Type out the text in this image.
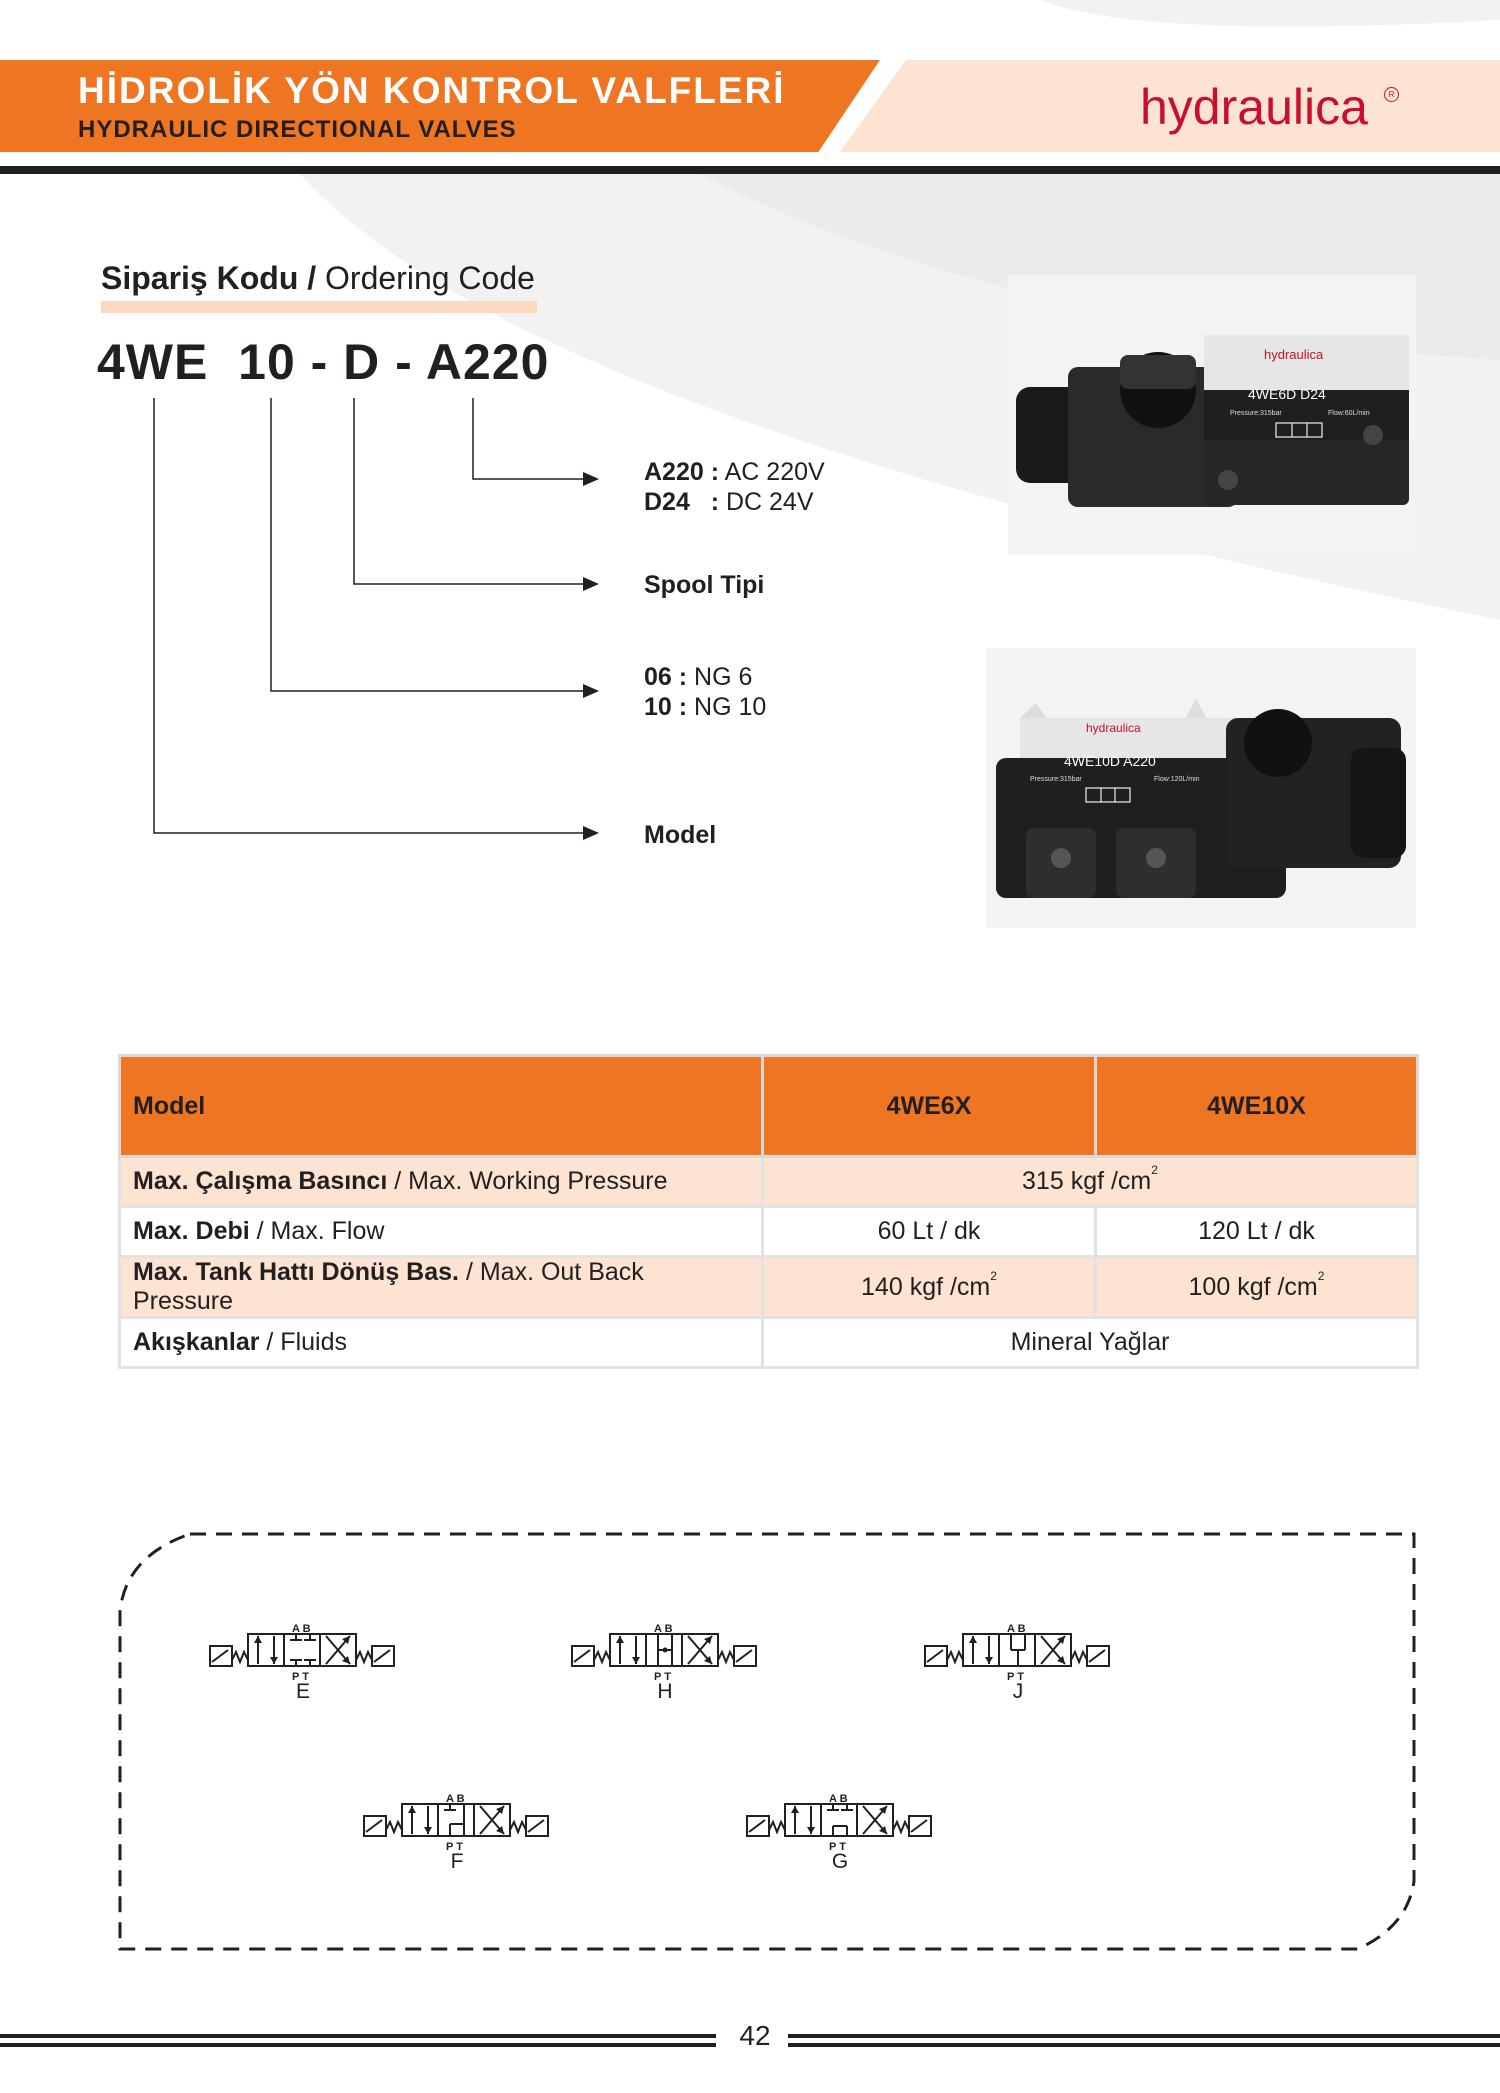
HİDROLİK YÖN KONTROL VALFLERİ
HYDRAULIC DIRECTIONAL VALVES	hydraulica	R
Sipariş Kodu / Ordering Code
4WE  10 - D - A220
A220 : AC 220V
D24   : DC 24V
Spool Tipi
06 : NG 6
10 : NG 10
Model
hydraulica
4WE6D D24
Pressure:315bar	Flow:60L/min
hydraulica
4WE10D A220
Pressure:315bar	Flow:120L/min
Model	4WE6X	4WE10X
Max. Çalışma Basıncı / Max. Working Pressure	315 kgf $/cm^2$
Max. Debi / Max. Flow	60 Lt / dk	120 Lt / dk
Max. Tank Hattı Dönüş Bas. / Max. Out Back Pressure	140 kgf $/cm^2$	100 kgf $/cm^2$
Akışkanlar / Fluids	Mineral Yağlar	
A B
P T
E
A B
P T
H
A B
P T
J
A B
P T
F
A B
P T
G
42
